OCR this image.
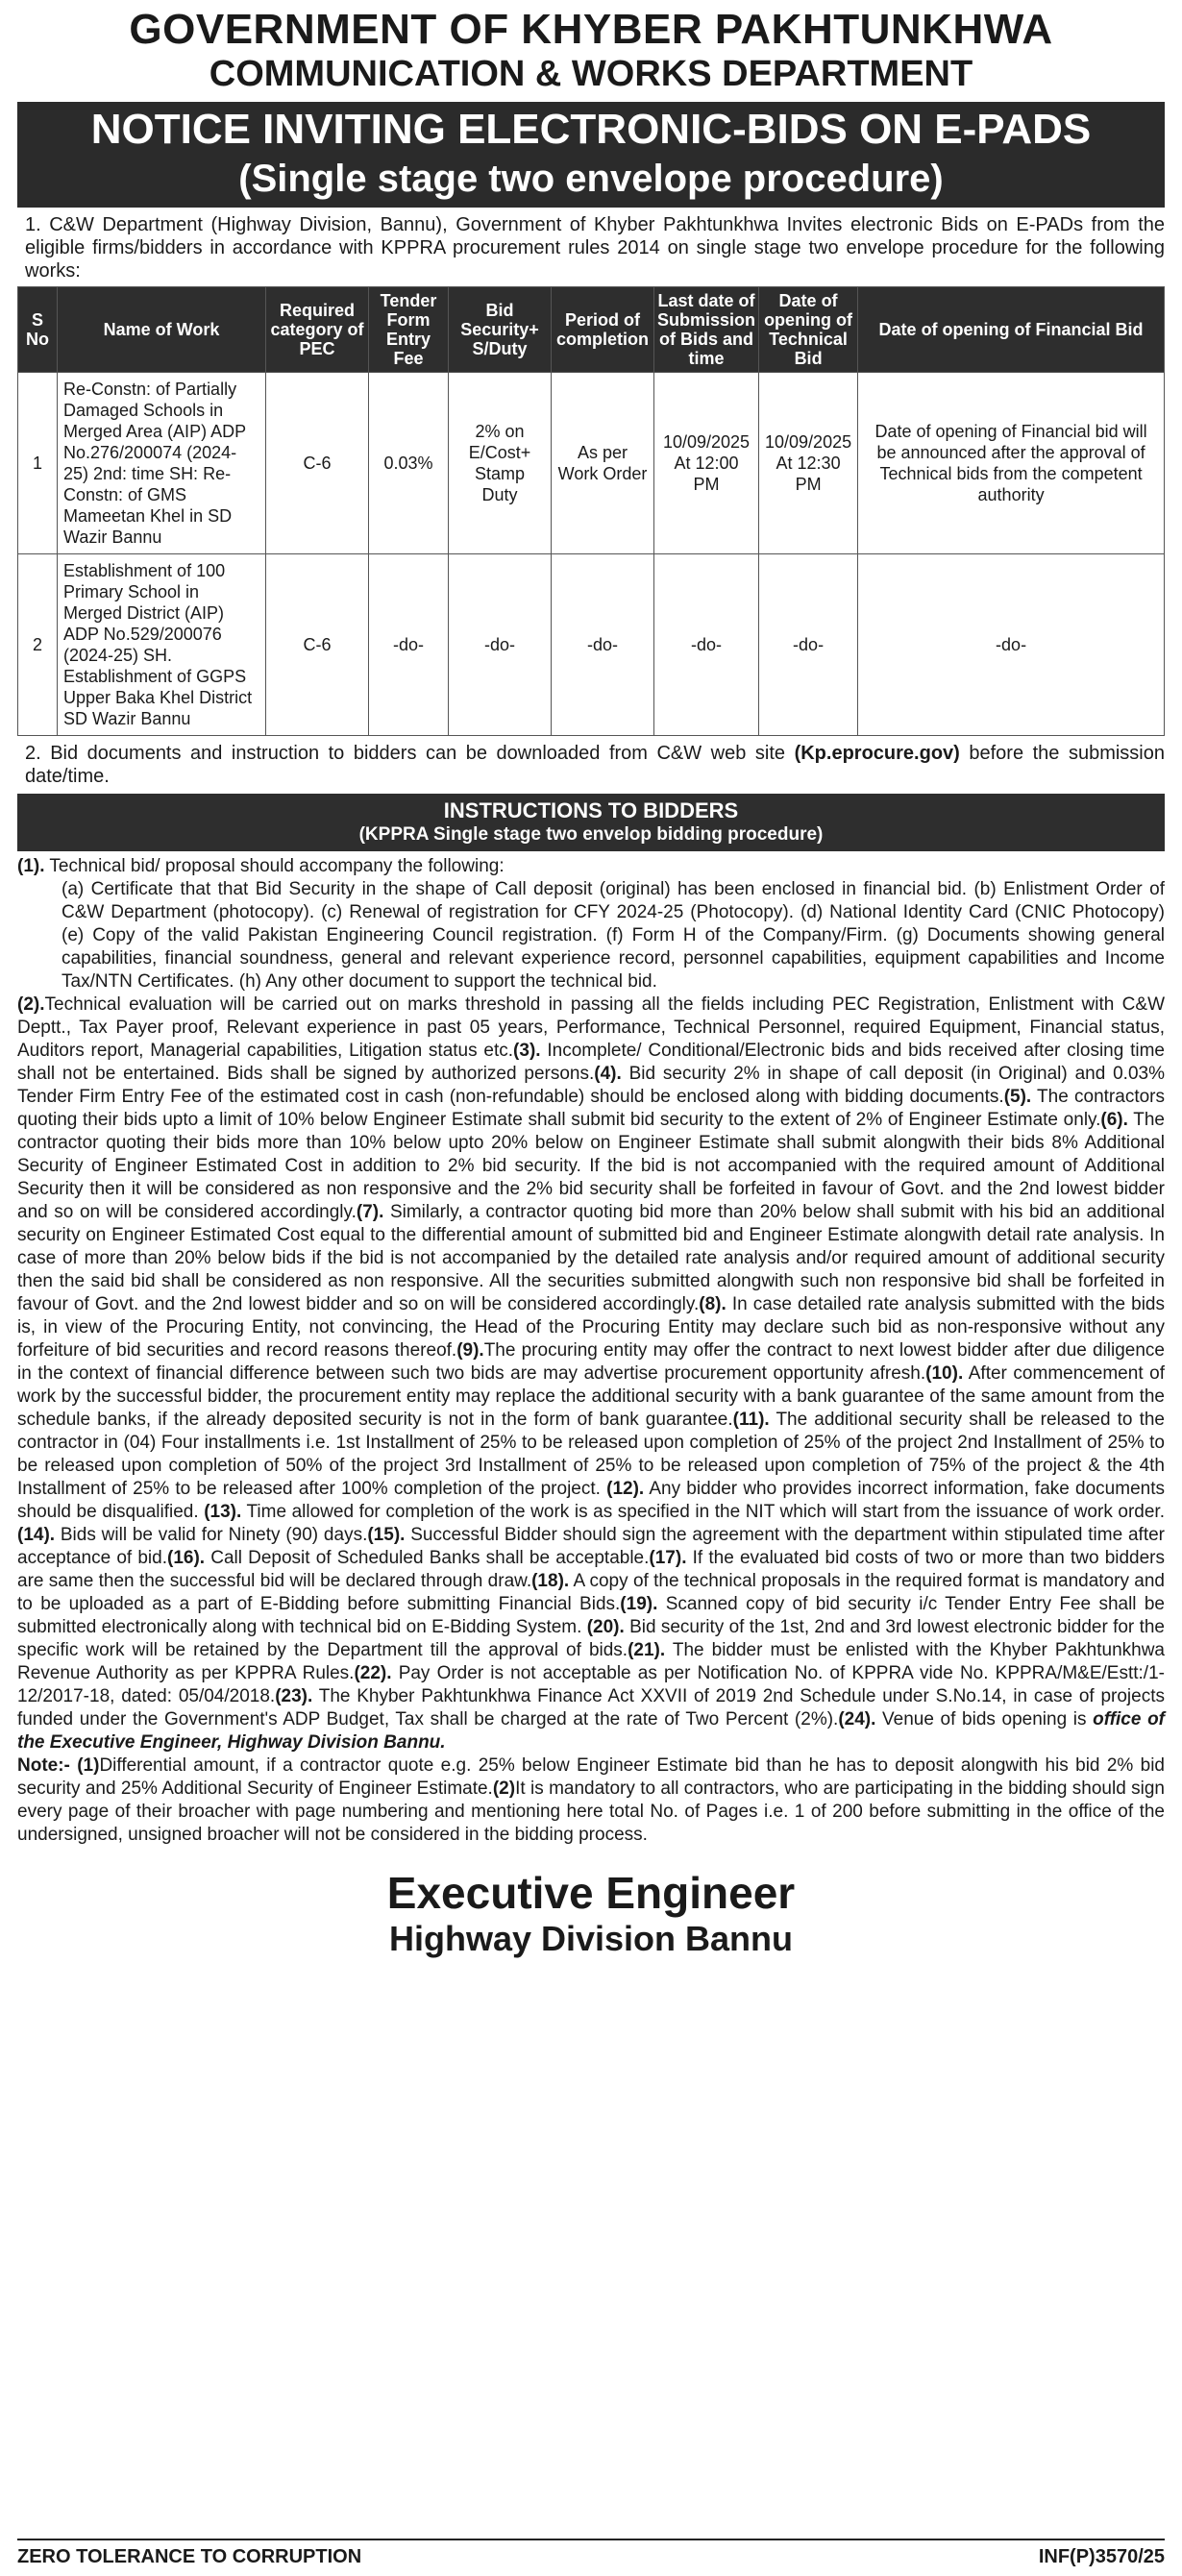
GOVERNMENT OF KHYBER PAKHTUNKHWA
COMMUNICATION & WORKS DEPARTMENT
NOTICE INVITING ELECTRONIC-BIDS ON E-PADS
(Single stage two envelope procedure)

1. C&W Department (Highway Division, Bannu), Government of Khyber Pakhtunkhwa Invites electronic Bids on E-PADs from the eligible firms/bidders in accordance with KPPRA procurement rules 2014 on single stage two envelope procedure for the following works:

S No	Name of Work	Required category of PEC	Tender Form Entry Fee	Bid Security+ S/Duty	Period of completion	Last date of Submission of Bids and time	Date of opening of Technical Bid	Date of opening of Financial Bid
1	Re-Constn: of Partially Damaged Schools in Merged Area (AIP) ADP No.276/200074 (2024-25) 2nd: time SH: Re-Constn: of GMS Mameetan Khel in SD Wazir Bannu	C-6	0.03%	2% on E/Cost+ Stamp Duty	As per Work Order	10/09/2025 At 12:00 PM	10/09/2025 At 12:30 PM	Date of opening of Financial bid will be announced after the approval of Technical bids from the competent authority
2	Establishment of 100 Primary School in Merged District (AIP) ADP No.529/200076 (2024-25) SH. Establishment of GGPS Upper Baka Khel District SD Wazir Bannu	C-6	-do-	-do-	-do-	-do-	-do-	-do-

2. Bid documents and instruction to bidders can be downloaded from C&W web site (Kp.eprocure.gov) before the submission date/time.

INSTRUCTIONS TO BIDDERS
(KPPRA Single stage two envelop bidding procedure)

(1). Technical bid/ proposal should accompany the following:

(a) Certificate that that Bid Security in the shape of Call deposit (original) has been enclosed in financial bid. (b) Enlistment Order of C&W Department (photocopy). (c) Renewal of registration for CFY 2024-25 (Photocopy). (d) National Identity Card (CNIC Photocopy) (e) Copy of the valid Pakistan Engineering Council registration. (f) Form H of the Company/Firm. (g) Documents showing general capabilities, financial soundness, general and relevant experience record, personnel capabilities, equipment capabilities and Income Tax/NTN Certificates. (h) Any other document to support the technical bid.

(2).Technical evaluation will be carried out on marks threshold in passing all the fields including PEC Registration, Enlistment with C&W Deptt., Tax Payer proof, Relevant experience in past 05 years, Performance, Technical Personnel, required Equipment, Financial status, Auditors report, Managerial capabilities, Litigation status etc.(3). Incomplete/ Conditional/Electronic bids and bids received after closing time shall not be entertained. Bids shall be signed by authorized persons.(4). Bid security 2% in shape of call deposit (in Original) and 0.03% Tender Firm Entry Fee of the estimated cost in cash (non-refundable) should be enclosed along with bidding documents.(5). The contractors quoting their bids upto a limit of 10% below Engineer Estimate shall submit bid security to the extent of 2% of Engineer Estimate only.(6). The contractor quoting their bids more than 10% below upto 20% below on Engineer Estimate shall submit alongwith their bids 8% Additional Security of Engineer Estimated Cost in addition to 2% bid security. If the bid is not accompanied with the required amount of Additional Security then it will be considered as non responsive and the 2% bid security shall be forfeited in favour of Govt. and the 2nd lowest bidder and so on will be considered accordingly.(7). Similarly, a contractor quoting bid more than 20% below shall submit with his bid an additional security on Engineer Estimated Cost equal to the differential amount of submitted bid and Engineer Estimate alongwith detail rate analysis. In case of more than 20% below bids if the bid is not accompanied by the detailed rate analysis and/or required amount of additional security then the said bid shall be considered as non responsive. All the securities submitted alongwith such non responsive bid shall be forfeited in favour of Govt. and the 2nd lowest bidder and so on will be considered accordingly.(8). In case detailed rate analysis submitted with the bids is, in view of the Procuring Entity, not convincing, the Head of the Procuring Entity may declare such bid as non-responsive without any forfeiture of bid securities and record reasons thereof.(9).The procuring entity may offer the contract to next lowest bidder after due diligence in the context of financial difference between such two bids are may advertise procurement opportunity afresh.(10). After commencement of work by the successful bidder, the procurement entity may replace the additional security with a bank guarantee of the same amount from the schedule banks, if the already deposited security is not in the form of bank guarantee.(11). The additional security shall be released to the contractor in (04) Four installments i.e. 1st Installment of 25% to be released upon completion of 25% of the project 2nd Installment of 25% to be released upon completion of 50% of the project 3rd Installment of 25% to be released upon completion of 75% of the project & the 4th Installment of 25% to be released after 100% completion of the project. (12). Any bidder who provides incorrect information, fake documents should be disqualified. (13). Time allowed for completion of the work is as specified in the NIT which will start from the issuance of work order.(14). Bids will be valid for Ninety (90) days.(15). Successful Bidder should sign the agreement with the department within stipulated time after acceptance of bid.(16). Call Deposit of Scheduled Banks shall be acceptable.(17). If the evaluated bid costs of two or more than two bidders are same then the successful bid will be declared through draw.(18). A copy of the technical proposals in the required format is mandatory and to be uploaded as a part of E-Bidding before submitting Financial Bids.(19). Scanned copy of bid security i/c Tender Entry Fee shall be submitted electronically along with technical bid on E-Bidding System. (20). Bid security of the 1st, 2nd and 3rd lowest electronic bidder for the specific work will be retained by the Department till the approval of bids.(21). The bidder must be enlisted with the Khyber Pakhtunkhwa Revenue Authority as per KPPRA Rules.(22). Pay Order is not acceptable as per Notification No. of KPPRA vide No. KPPRA/M&E/Estt:/1-12/2017-18, dated: 05/04/2018.(23). The Khyber Pakhtunkhwa Finance Act XXVII of 2019 2nd Schedule under S.No.14, in case of projects funded under the Government's ADP Budget, Tax shall be charged at the rate of Two Percent (2%).(24). Venue of bids opening is office of the Executive Engineer, Highway Division Bannu.

Note:- (1)Differential amount, if a contractor quote e.g. 25% below Engineer Estimate bid than he has to deposit alongwith his bid 2% bid security and 25% Additional Security of Engineer Estimate.(2)It is mandatory to all contractors, who are participating in the bidding should sign every page of their broacher with page numbering and mentioning here total No. of Pages i.e. 1 of 200 before submitting in the office of the undersigned, unsigned broacher will not be considered in the bidding process.

Executive Engineer
Highway Division Bannu
ZERO TOLERANCE TO CORRUPTION	INF(P)3570/25
